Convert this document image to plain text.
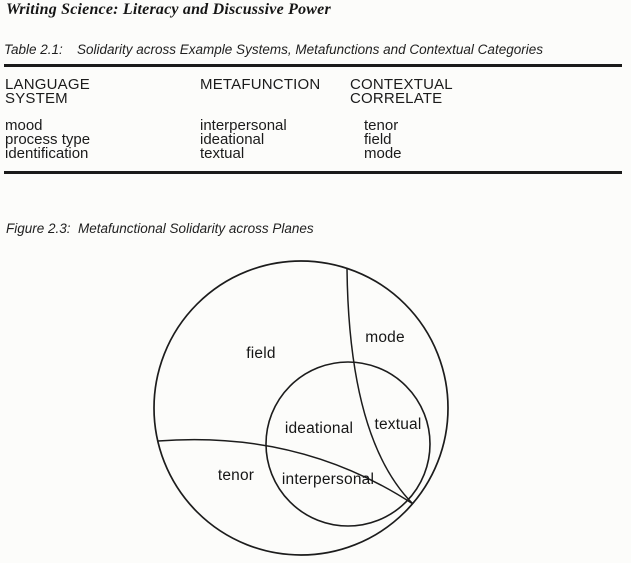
Writing Science: Literacy and Discussive Power
Table 2.1: Solidarity across Example Systems, Metafunctions and Contextual Categories
LANGUAGE SYSTEM
METAFUNCTION	CONTEXTUAL CORRELATE
mood
process type
identification
interpersonal
ideational
textual
tenor
field
mode
Figure 2.3: Metafunctional Solidarity across Planes
field
mode
ideational textual
tenor interpersonal
